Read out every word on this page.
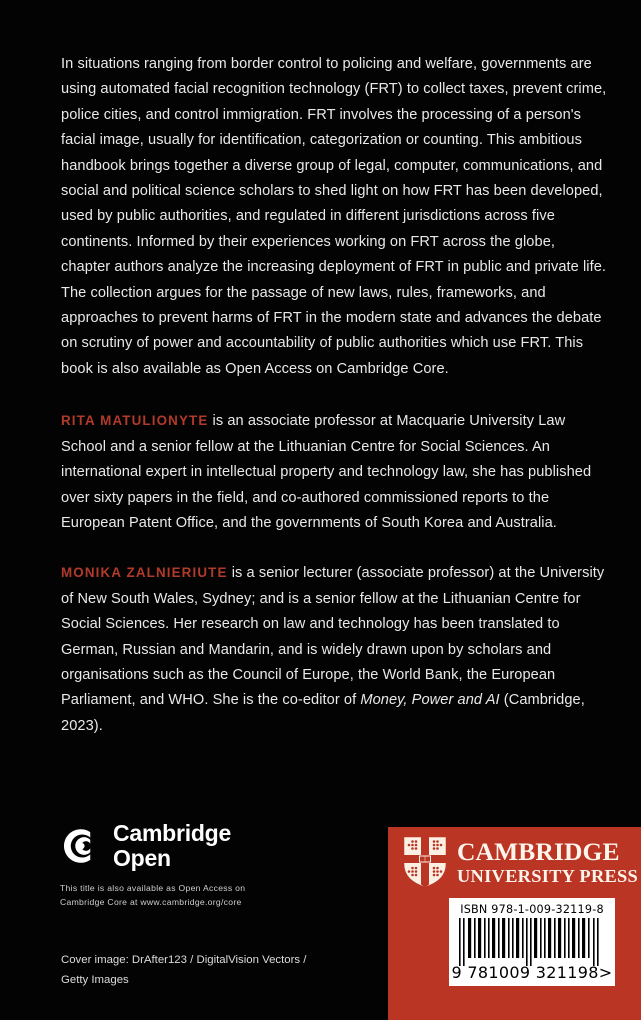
In situations ranging from border control to policing and welfare, governments are using automated facial recognition technology (FRT) to collect taxes, prevent crime, police cities, and control immigration. FRT involves the processing of a person's facial image, usually for identification, categorization or counting. This ambitious handbook brings together a diverse group of legal, computer, communications, and social and political science scholars to shed light on how FRT has been developed, used by public authorities, and regulated in different jurisdictions across five continents. Informed by their experiences working on FRT across the globe, chapter authors analyze the increasing deployment of FRT in public and private life. The collection argues for the passage of new laws, rules, frameworks, and approaches to prevent harms of FRT in the modern state and advances the debate on scrutiny of power and accountability of public authorities which use FRT. This book is also available as Open Access on Cambridge Core.

RITA MATULIONYTE is an associate professor at Macquarie University Law School and a senior fellow at the Lithuanian Centre for Social Sciences. An international expert in intellectual property and technology law, she has published over sixty papers in the field, and co-authored commissioned reports to the European Patent Office, and the governments of South Korea and Australia.

MONIKA ZALNIERIUTE is a senior lecturer (associate professor) at the University of New South Wales, Sydney; and is a senior fellow at the Lithuanian Centre for Social Sciences. Her research on law and technology has been translated to German, Russian and Mandarin, and is widely drawn upon by scholars and organisations such as the Council of Europe, the World Bank, the European Parliament, and WHO. She is the co-editor of Money, Power and AI (Cambridge, 2023).

Cambridge
Open
This title is also available as Open Access on
Cambridge Core at www.cambridge.org/core
Cover image: DrAfter123 / DigitalVision Vectors /
Getty Images
CAMBRIDGE
UNIVERSITY PRESS
ISBN 978-1-009-32119-8
9 781009 321198>
